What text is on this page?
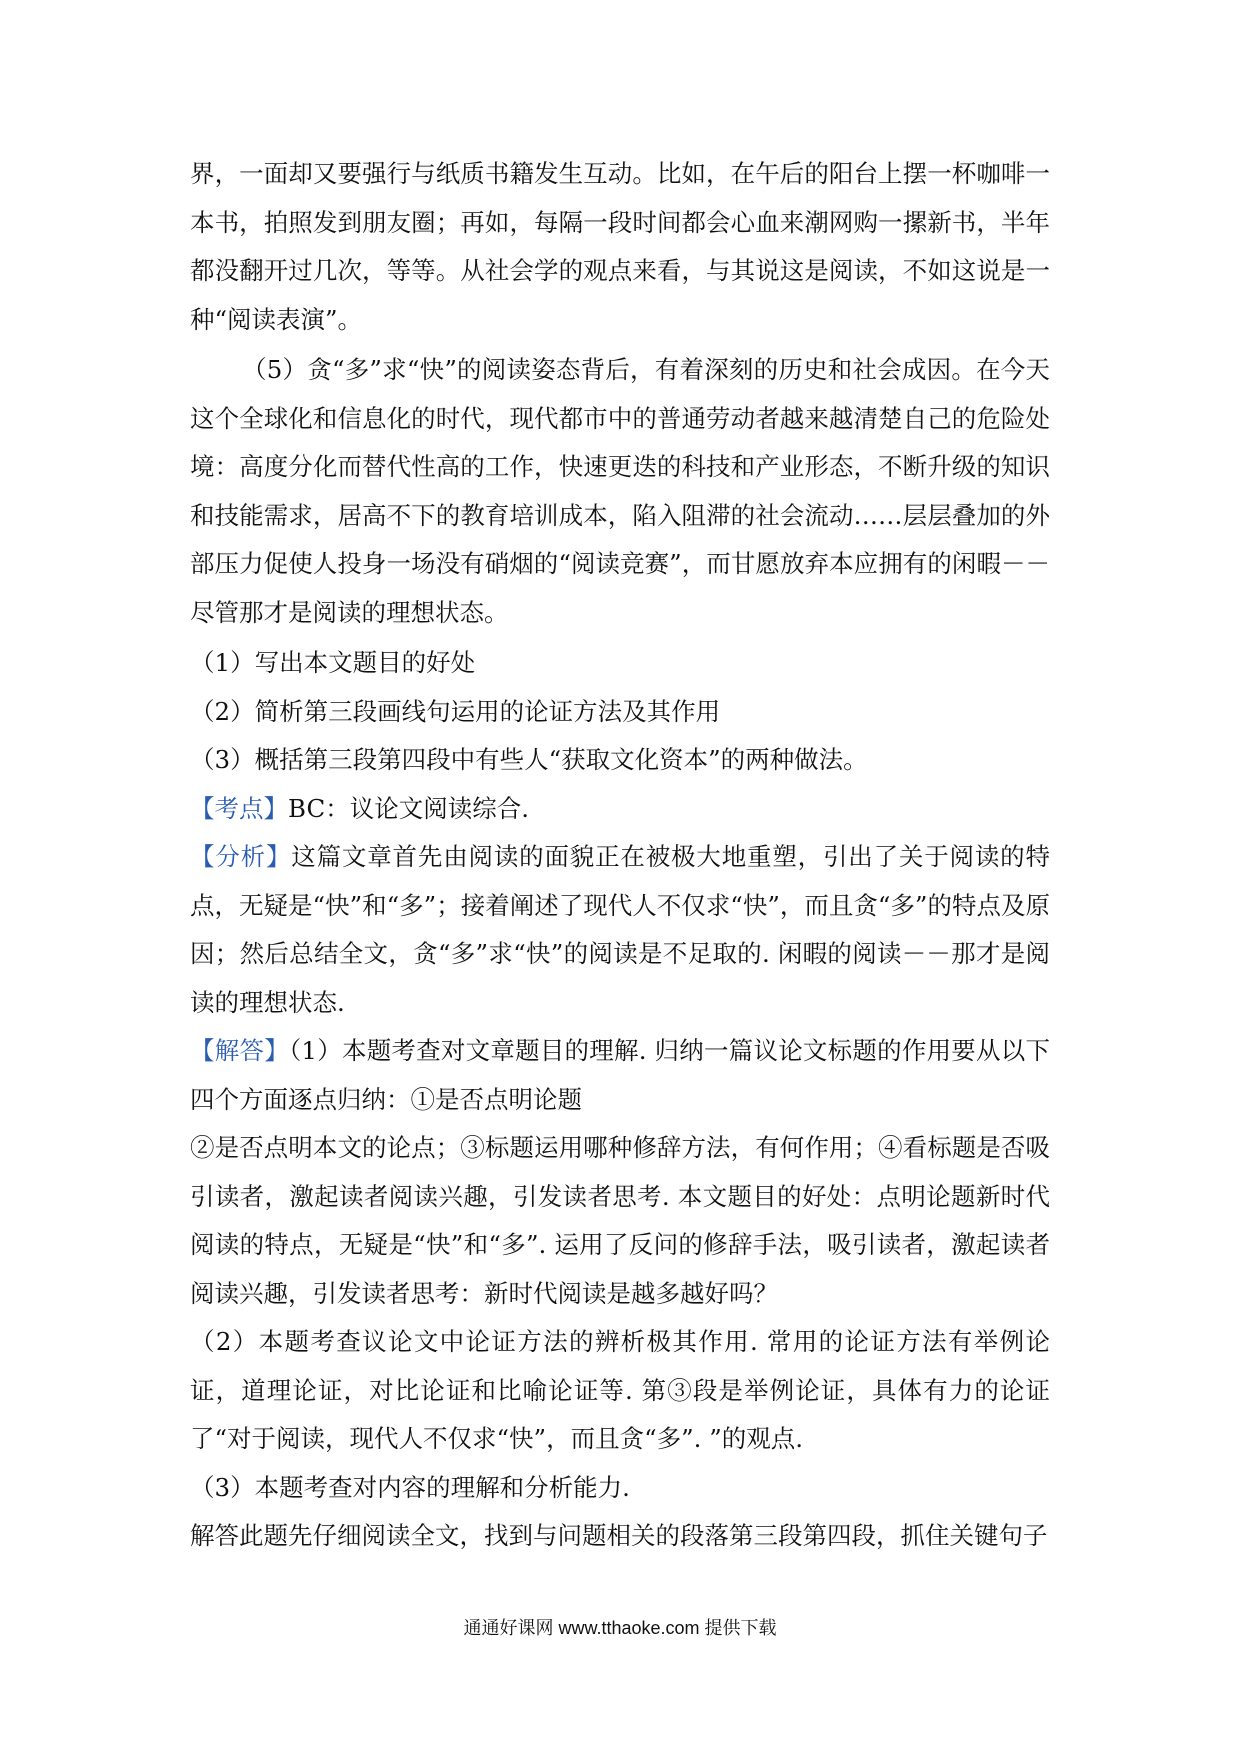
界，一面却又要强行与纸质书籍发生互动。比如，在午后的阳台上摆一杯咖啡一本书，拍照发到朋友圈；再如，每隔一段时间都会心血来潮网购一摞新书，半年都没翻开过几次，等等。从社会学的观点来看，与其说这是阅读，不如这说是一种“阅读表演”。

（5）贪“多”求“快”的阅读姿态背后，有着深刻的历史和社会成因。在今天这个全球化和信息化的时代，现代都市中的普通劳动者越来越清楚自己的危险处境：高度分化而替代性高的工作，快速更迭的科技和产业形态，不断升级的知识和技能需求，居高不下的教育培训成本，陷入阻滞的社会流动……层层叠加的外部压力促使人投身一场没有硝烟的“阅读竞赛”，而甘愿放弃本应拥有的闲暇－－尽管那才是阅读的理想状态。

（1）写出本文题目的好处

（2）简析第三段画线句运用的论证方法及其作用

（3）概括第三段第四段中有些人“获取文化资本”的两种做法。

【考点】BC：议论文阅读综合.

【分析】这篇文章首先由阅读的面貌正在被极大地重塑，引出了关于阅读的特点，无疑是“快”和“多”；接着阐述了现代人不仅求“快”，而且贪“多”的特点及原因；然后总结全文，贪“多”求“快”的阅读是不足取的. 闲暇的阅读－－那才是阅读的理想状态.

【解答】（1）本题考查对文章题目的理解. 归纳一篇议论文标题的作用要从以下四个方面逐点归纳：①是否点明论题

②是否点明本文的论点；③标题运用哪种修辞方法，有何作用；④看标题是否吸引读者，激起读者阅读兴趣，引发读者思考. 本文题目的好处：点明论题新时代阅读的特点，无疑是“快”和“多”. 运用了反问的修辞手法，吸引读者，激起读者阅读兴趣，引发读者思考：新时代阅读是越多越好吗？

（2）本题考查议论文中论证方法的辨析极其作用. 常用的论证方法有举例论证，道理论证，对比论证和比喻论证等. 第③段是举例论证，具体有力的论证了“对于阅读，现代人不仅求“快”，而且贪“多”. ”的观点.

（3）本题考查对内容的理解和分析能力.

解答此题先仔细阅读全文，找到与问题相关的段落第三段第四段，抓住关键句子

通通好课网 www.tthaoke.com 提供下载
